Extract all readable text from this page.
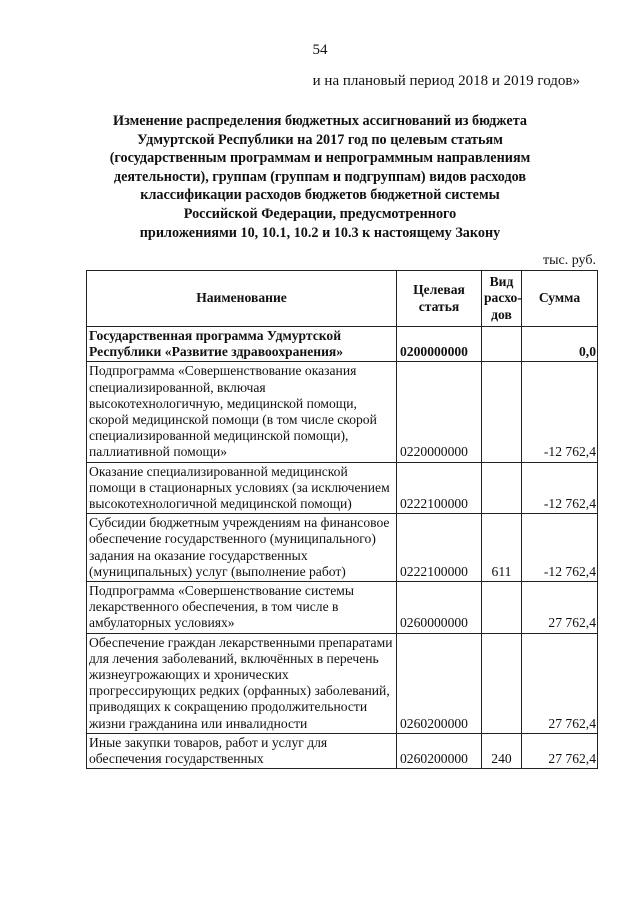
54
и на плановый период 2018 и 2019 годов»
Изменение распределения бюджетных ассигнований из бюджета
Удмуртской Республики на 2017 год по целевым статьям
(государственным программам и непрограммным направлениям
деятельности), группам (группам и подгруппам) видов расходов
классификации расходов бюджетов бюджетной системы
Российской Федерации, предусмотренного
приложениями 10, 10.1, 10.2 и 10.3 к настоящему Закону
тыс. руб.
Наименование	Целевая статья	Вид расхо-дов	Сумма
Государственная программа Удмуртской Республики «Развитие здравоохранения»	0200000000		0,0
Подпрограмма «Совершенствование оказания специализированной, включая высокотехнологичную, медицинской помощи, скорой медицинской помощи (в том числе скорой специализированной медицинской помощи), паллиативной помощи»	0220000000		-12 762,4
Оказание специализированной медицинской помощи в стационарных условиях (за исключением высокотехнологичной медицинской помощи)	0222100000		-12 762,4
Субсидии бюджетным учреждениям на финансовое обеспечение государственного (муниципального) задания на оказание государственных (муниципальных) услуг (выполнение работ)	0222100000	611	-12 762,4
Подпрограмма «Совершенствование системы лекарственного обеспечения, в том числе в амбулаторных условиях»	0260000000		27 762,4
Обеспечение граждан лекарственными препаратами для лечения заболеваний, включённых в перечень жизнеугрожающих и хронических прогрессирующих редких (орфанных) заболеваний, приводящих к сокращению продолжительности жизни гражданина или инвалидности	0260200000		27 762,4
Иные закупки товаров, работ и услуг для обеспечения государственных	0260200000	240	27 762,4
